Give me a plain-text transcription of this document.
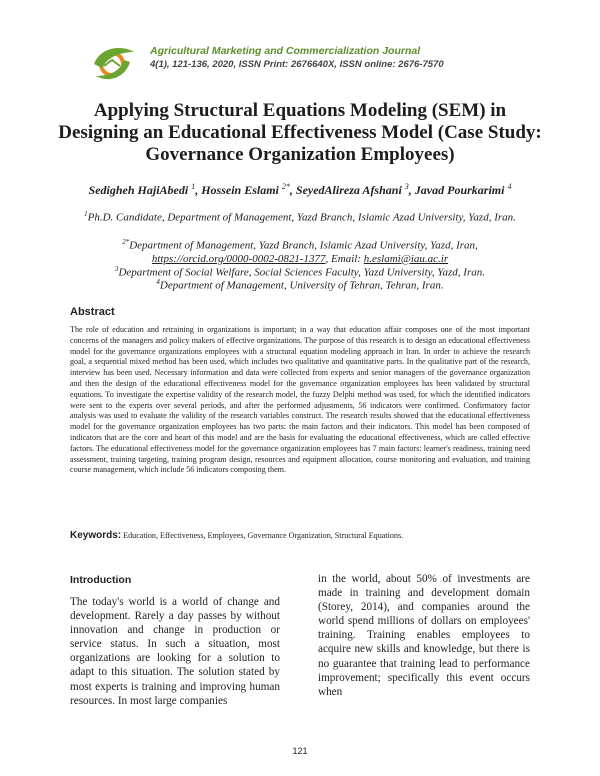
Agricultural Marketing and Commercialization Journal
4(1), 121-136, 2020, ISSN Print: 2676640X, ISSN online: 2676-7570
Applying Structural Equations Modeling (SEM) in
Designing an Educational Effectiveness Model (Case Study:
Governance Organization Employees)
Sedigheh HajiAbedi $^1$, Hossein Eslami $^{2*}$, SeyedAlireza Afshani $^3$, Javad Pourkarimi $^4$
$^1$Ph.D. Candidate, Department of Management, Yazd Branch, Islamic Azad University, Yazd, Iran.
$^{2*}$Department of Management, Yazd Branch, Islamic Azad University, Yazd, Iran,
https://orcid.org/0000-0002-0821-1377, Email: h.eslami@iau.ac.ir
$^3$Department of Social Welfare, Social Sciences Faculty, Yazd University, Yazd, Iran.
$^4$Department of Management, University of Tehran, Tehran, Iran.
Abstract
The role of education and retraining in organizations is important; in a way that education affair composes one of the most important concerns of the managers and policy makers of effective organizations. The purpose of this research is to design an educational effectiveness model for the governance organizations employees with a structural equation modeling approach in Iran. In order to achieve the research goal, a sequential mixed method has been used, which includes two qualitative and quantitative parts. In the qualitative part of the research, interview has been used. Necessary information and data were collected from experts and senior managers of the governance organization and then the design of the educational effectiveness model for the governance organization employees has been validated by structural equations. To investigate the expertise validity of the research model, the fuzzy Delphi method was used, for which the identified indicators were sent to the experts over several periods, and after the performed adjustments, 56 indicators were confirmed. Confirmatory factor analysis was used to evaluate the validity of the research variables construct. The research results showed that the educational effectiveness model for the governance organization employees has two parts: the main factors and their indicators. This model has been composed of indicators that are the core and heart of this model and are the basis for evaluating the educational effectiveness, which are called effective factors. The educational effectiveness model for the governance organization employees has 7 main factors: learner's readiness, training need assessment, training targeting, training program design, resources and equipment allocation, course monitoring and evaluation, and training course management, which include 56 indicators composing them.
Keywords: Education, Effectiveness, Employees, Governance Organization, Structural Equations.
Introduction
The today's world is a world of change and development. Rarely a day passes by without innovation and change in production or service status. In such a situation, most organizations are looking for a solution to adapt to this situation. The solution stated by most experts is training and improving human resources. In most large companies
in the world, about 50% of investments are made in training and development domain (Storey, 2014), and companies around the world spend millions of dollars on employees' training. Training enables employees to acquire new skills and knowledge, but there is no guarantee that training lead to performance improvement; specifically this event occurs when
121
